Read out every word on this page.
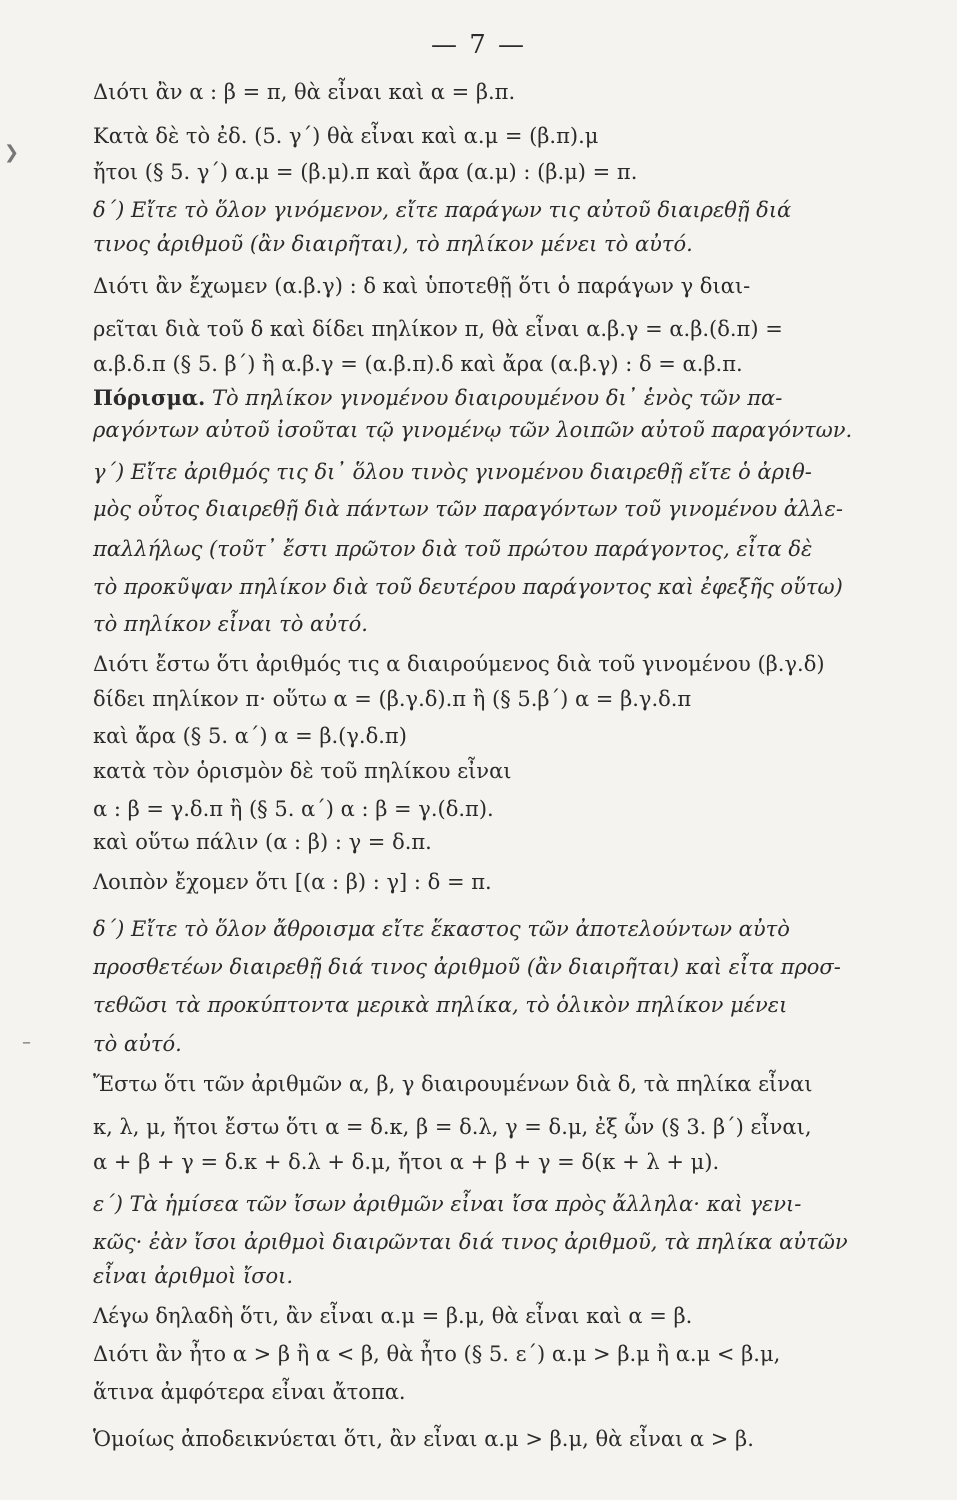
— 7 —
Διότι ἂν α : β = π, θὰ εἶναι καὶ α = β.π.
Κατὰ δὲ τὸ ἐδ. (5. γ΄) θὰ εἶναι καὶ α.μ = (β.π).μ
ἤτοι (§ 5. γ΄) α.μ = (β.μ).π καὶ ἄρα (α.μ) : (β.μ) = π.
δ΄) Εἴτε τὸ ὅλον γινόμενον, εἴτε παράγων τις αὐτοῦ διαιρεθῇ διά
τινος ἀριθμοῦ (ἂν διαιρῆται), τὸ πηλίκον μένει τὸ αὐτό.
Διότι ἂν ἔχωμεν (α.β.γ) : δ καὶ ὑποτεθῇ ὅτι ὁ παράγων γ διαι-
ρεῖται διὰ τοῦ δ καὶ δίδει πηλίκον π, θὰ εἶναι α.β.γ = α.β.(δ.π) =
α.β.δ.π (§ 5. β΄) ἢ α.β.γ = (α.β.π).δ καὶ ἄρα (α.β.γ) : δ = α.β.π.
Πόρισμα. Τὸ πηλίκον γινομένου διαιρουμένου δι᾽ ἑνὸς τῶν πα-
ραγόντων αὐτοῦ ἰσοῦται τῷ γινομένῳ τῶν λοιπῶν αὐτοῦ παραγόντων.
γ΄) Εἴτε ἀριθμός τις δι᾽ ὅλου τινὸς γινομένου διαιρεθῇ εἴτε ὁ ἀριθ-
μὸς οὗτος διαιρεθῇ διὰ πάντων τῶν παραγόντων τοῦ γινομένου ἀλλε-
παλλήλως (τοῦτ᾽ ἔστι πρῶτον διὰ τοῦ πρώτου παράγοντος, εἶτα δὲ
τὸ προκῦψαν πηλίκον διὰ τοῦ δευτέρου παράγοντος καὶ ἐφεξῆς οὕτω)
τὸ πηλίκον εἶναι τὸ αὐτό.
Διότι ἔστω ὅτι ἀριθμός τις α διαιρούμενος διὰ τοῦ γινομένου (β.γ.δ)
δίδει πηλίκον π· οὕτω α = (β.γ.δ).π ἢ (§ 5.β΄) α = β.γ.δ.π
καὶ ἄρα (§ 5. α΄) α = β.(γ.δ.π)
κατὰ τὸν ὁρισμὸν δὲ τοῦ πηλίκου εἶναι
α : β = γ.δ.π ἢ (§ 5. α΄) α : β = γ.(δ.π).
καὶ οὕτω πάλιν (α : β) : γ = δ.π.
Λοιπὸν ἔχομεν ὅτι [(α : β) : γ] : δ = π.
δ΄) Εἴτε τὸ ὅλον ἄθροισμα εἴτε ἕκαστος τῶν ἀποτελούντων αὐτὸ
προσθετέων διαιρεθῇ διά τινος ἀριθμοῦ (ἂν διαιρῆται) καὶ εἶτα προσ-
τεθῶσι τὰ προκύπτοντα μερικὰ πηλίκα, τὸ ὁλικὸν πηλίκον μένει
τὸ αὐτό.
Ἔστω ὅτι τῶν ἀριθμῶν α, β, γ διαιρουμένων διὰ δ, τὰ πηλίκα εἶναι
κ, λ, μ, ἤτοι ἔστω ὅτι α = δ.κ, β = δ.λ, γ = δ.μ, ἐξ ὧν (§ 3. β΄) εἶναι,
α + β + γ = δ.κ + δ.λ + δ.μ, ἤτοι α + β + γ = δ(κ + λ + μ).
ε΄) Τὰ ἡμίσεα τῶν ἴσων ἀριθμῶν εἶναι ἴσα πρὸς ἄλληλα· καὶ γενι-
κῶς· ἐὰν ἴσοι ἀριθμοὶ διαιρῶνται διά τινος ἀριθμοῦ, τὰ πηλίκα αὐτῶν
εἶναι ἀριθμοὶ ἴσοι.
Λέγω δηλαδὴ ὅτι, ἂν εἶναι α.μ = β.μ, θὰ εἶναι καὶ α = β.
Διότι ἂν ἦτο α > β ἢ α < β, θὰ ἦτο (§ 5. ε΄) α.μ > β.μ ἢ α.μ < β.μ,
ἅτινα ἀμφότερα εἶναι ἄτοπα.
Ὁμοίως ἀποδεικνύεται ὅτι, ἂν εἶναι α.μ > β.μ, θὰ εἶναι α > β.
❯
–
